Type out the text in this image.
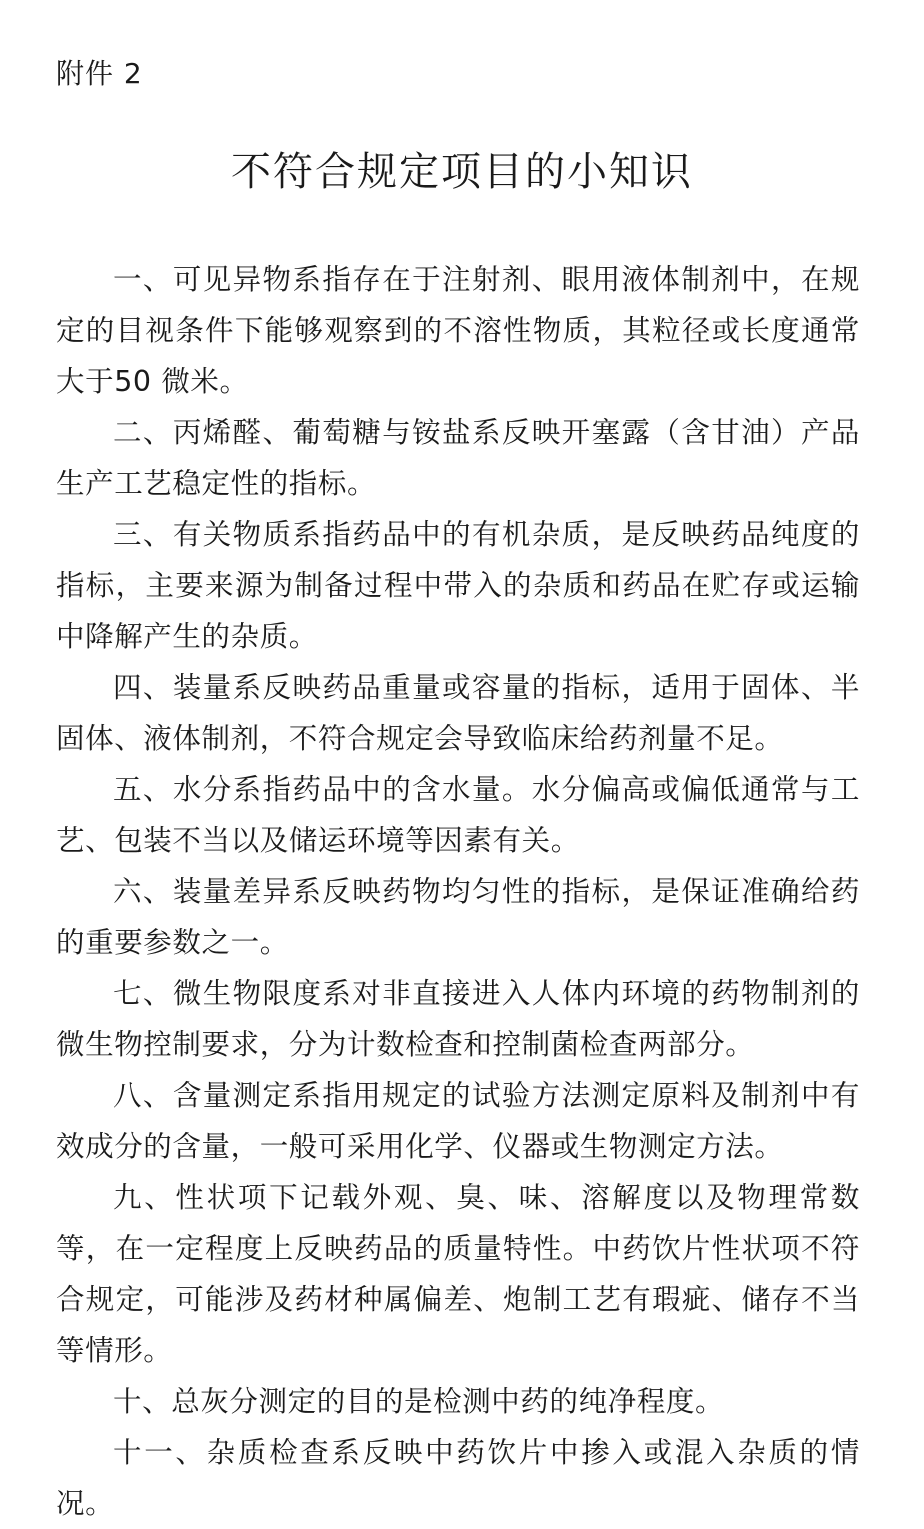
附件 2
不符合规定项目的小知识

一、可见异物系指存在于注射剂、眼用液体制剂中，在规定的目视条件下能够观察到的不溶性物质，其粒径或长度通常大于50 微米。

二、丙烯醛、葡萄糖与铵盐系反映开塞露（含甘油）产品生产工艺稳定性的指标。

三、有关物质系指药品中的有机杂质，是反映药品纯度的指标，主要来源为制备过程中带入的杂质和药品在贮存或运输中降解产生的杂质。

四、装量系反映药品重量或容量的指标，适用于固体、半固体、液体制剂，不符合规定会导致临床给药剂量不足。

五、水分系指药品中的含水量。水分偏高或偏低通常与工艺、包装不当以及储运环境等因素有关。

六、装量差异系反映药物均匀性的指标，是保证准确给药的重要参数之一。

七、微生物限度系对非直接进入人体内环境的药物制剂的微生物控制要求，分为计数检查和控制菌检查两部分。

八、含量测定系指用规定的试验方法测定原料及制剂中有效成分的含量，一般可采用化学、仪器或生物测定方法。

九、性状项下记载外观、臭、味、溶解度以及物理常数等，在一定程度上反映药品的质量特性。中药饮片性状项不符合规定，可能涉及药材种属偏差、炮制工艺有瑕疵、储存不当等情形。

十、总灰分测定的目的是检测中药的纯净程度。

十一、杂质检查系反映中药饮片中掺入或混入杂质的情况。
